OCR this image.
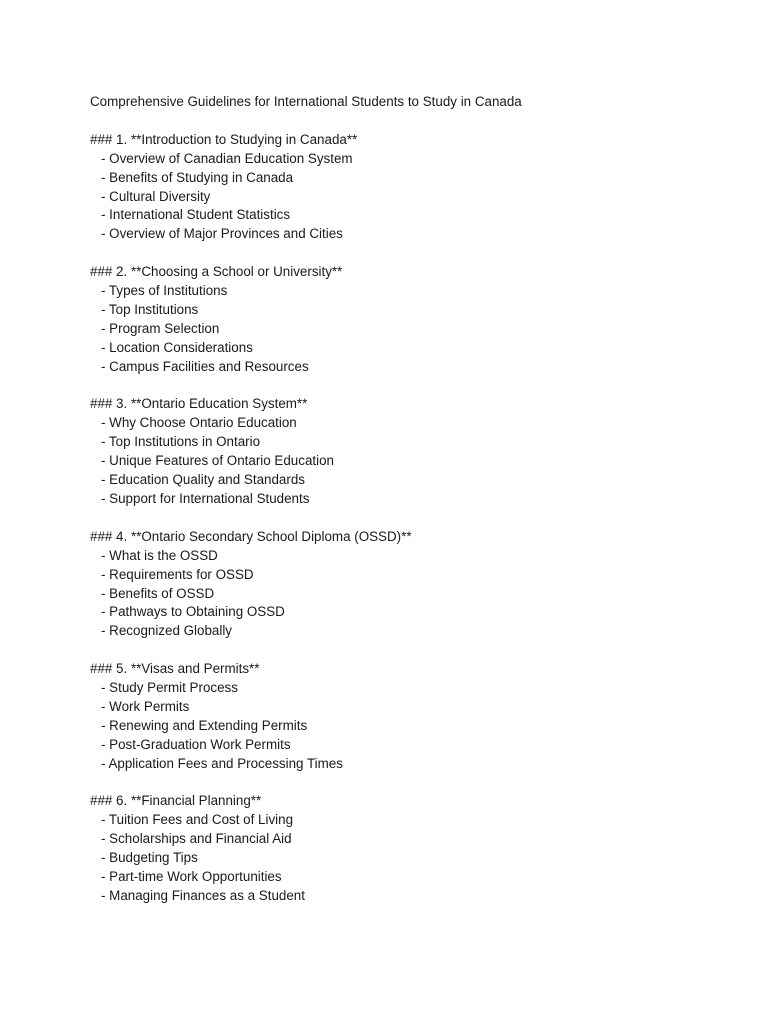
Comprehensive Guidelines for International Students to Study in Canada
### 1. **Introduction to Studying in Canada**
- Overview of Canadian Education System
- Benefits of Studying in Canada
- Cultural Diversity
- International Student Statistics
- Overview of Major Provinces and Cities
### 2. **Choosing a School or University**
- Types of Institutions
- Top Institutions
- Program Selection
- Location Considerations
- Campus Facilities and Resources
### 3. **Ontario Education System**
- Why Choose Ontario Education
- Top Institutions in Ontario
- Unique Features of Ontario Education
- Education Quality and Standards
- Support for International Students
### 4. **Ontario Secondary School Diploma (OSSD)**
- What is the OSSD
- Requirements for OSSD
- Benefits of OSSD
- Pathways to Obtaining OSSD
- Recognized Globally
### 5. **Visas and Permits**
- Study Permit Process
- Work Permits
- Renewing and Extending Permits
- Post-Graduation Work Permits
- Application Fees and Processing Times
### 6. **Financial Planning**
- Tuition Fees and Cost of Living
- Scholarships and Financial Aid
- Budgeting Tips
- Part-time Work Opportunities
- Managing Finances as a Student
